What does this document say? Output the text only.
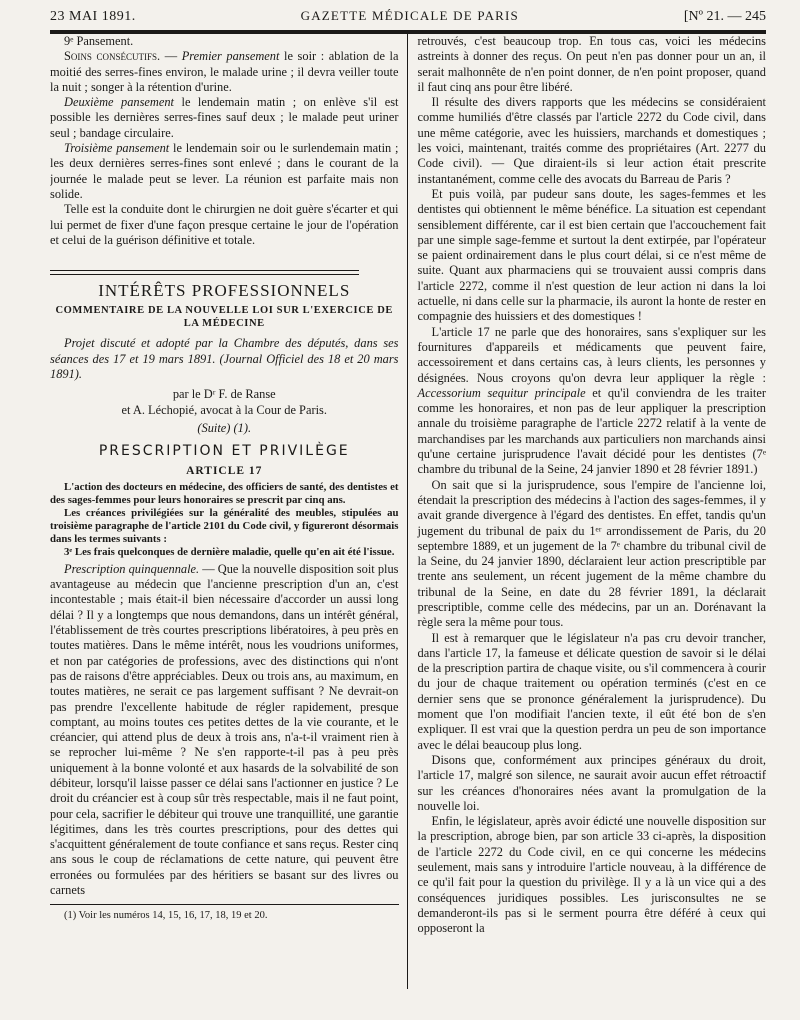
23 MAI 1891.	GAZETTE MÉDICALE DE PARIS	[Nº 21. — 245

9ᵉ Pansement.

Soins consécutifs. — Premier pansement le soir : ablation de la moitié des serres-fines environ, le malade urine ; il devra veiller toute la nuit ; songer à la rétention d'urine.

Deuxième pansement le lendemain matin ; on enlève s'il est possible les dernières serres-fines sauf deux ; le malade peut uriner seul ; bandage circulaire.

Troisième pansement le lendemain soir ou le surlendemain matin ; les deux dernières serres-fines sont enlevé ; dans le courant de la journée le malade peut se lever. La réunion est parfaite mais non solide.

Telle est la conduite dont le chirurgien ne doit guère s'écarter et qui lui permet de fixer d'une façon presque certaine le jour de l'opération et celui de la guérison définitive et totale.

INTÉRÊTS PROFESSIONNELS
COMMENTAIRE DE LA NOUVELLE LOI SUR L'EXERCICE DE LA MÉDECINE

Projet discuté et adopté par la Chambre des députés, dans ses séances des 17 et 19 mars 1891. (Journal Officiel des 18 et 20 mars 1891).

par le Dʳ F. de Ranse

et A. Léchopié, avocat à la Cour de Paris.

(Suite) (1).

PRESCRIPTION ET PRIVILÈGE
ARTICLE 17

L'action des docteurs en médecine, des officiers de santé, des dentistes et des sages-femmes pour leurs honoraires se prescrit par cinq ans.

Les créances privilégiées sur la généralité des meubles, stipulées au troisième paragraphe de l'article 2101 du Code civil, y figureront désormais dans les termes suivants :

3ᵉ Les frais quelconques de dernière maladie, quelle qu'en ait été l'issue.

Prescription quinquennale. — Que la nouvelle disposition soit plus avantageuse au médecin que l'ancienne prescription d'un an, c'est incontestable ; mais était-il bien nécessaire d'accorder un aussi long délai ? Il y a longtemps que nous demandons, dans un intérêt général, l'établissement de très courtes prescriptions libératoires, à peu près en toutes matières. Dans le même intérêt, nous les voudrions uniformes, et non par catégories de professions, avec des distinctions qui n'ont pas de raisons d'être appréciables. Deux ou trois ans, au maximum, en toutes matières, ne serait ce pas largement suffisant ? Ne devrait-on pas prendre l'excellente habitude de régler rapidement, presque comptant, au moins toutes ces petites dettes de la vie courante, et le créancier, qui attend plus de deux à trois ans, n'a-t-il vraiment rien à se reprocher lui-même ? Ne s'en rapporte-t-il pas à peu près uniquement à la bonne volonté et aux hasards de la solvabilité de son débiteur, lorsqu'il laisse passer ce délai sans l'actionner en justice ? Le droit du créancier est à coup sûr très respectable, mais il ne faut point, pour cela, sacrifier le débiteur qui trouve une tranquillité, une garantie légitimes, dans les très courtes prescriptions, pour des dettes qui s'acquittent généralement de toute confiance et sans reçus. Rester cinq ans sous le coup de réclamations de cette nature, qui peuvent être erronées ou formulées par des héritiers se basant sur des livres ou carnets

(1) Voir les numéros 14, 15, 16, 17, 18, 19 et 20.

retrouvés, c'est beaucoup trop. En tous cas, voici les médecins astreints à donner des reçus. On peut n'en pas donner pour un an, il serait malhonnête de n'en point donner, de n'en point proposer, quand il faut cinq ans pour être libéré.

Il résulte des divers rapports que les médecins se considéraient comme humiliés d'être classés par l'article 2272 du Code civil, dans une même catégorie, avec les huissiers, marchands et domestiques ; les voici, maintenant, traités comme des propriétaires (Art. 2277 du Code civil). — Que diraient-ils si leur action était prescrite instantanément, comme celle des avocats du Barreau de Paris ?

Et puis voilà, par pudeur sans doute, les sages-femmes et les dentistes qui obtiennent le même bénéfice. La situation est cependant sensiblement différente, car il est bien certain que l'accouchement fait par une simple sage-femme et surtout la dent extirpée, par l'opérateur se paient ordinairement dans le plus court délai, si ce n'est même de suite. Quant aux pharmaciens qui se trouvaient aussi compris dans l'article 2272, comme il n'est question de leur action ni dans la loi actuelle, ni dans celle sur la pharmacie, ils auront la honte de rester en compagnie des huissiers et des domestiques !

L'article 17 ne parle que des honoraires, sans s'expliquer sur les fournitures d'appareils et médicaments que peuvent faire, accessoirement et dans certains cas, à leurs clients, les personnes y désignées. Nous croyons qu'on devra leur appliquer la règle : Accessorium sequitur principale et qu'il conviendra de les traiter comme les honoraires, et non pas de leur appliquer la prescription annale du troisième paragraphe de l'article 2272 relatif à la vente de marchandises par les marchands aux particuliers non marchands ainsi qu'une certaine jurisprudence l'avait décidé pour les dentistes (7ᵉ chambre du tribunal de la Seine, 24 janvier 1890 et 28 février 1891.)

On sait que si la jurisprudence, sous l'empire de l'ancienne loi, étendait la prescription des médecins à l'action des sages-femmes, il y avait grande divergence à l'égard des dentistes. En effet, tandis qu'un jugement du tribunal de paix du 1ᵉʳ arrondissement de Paris, du 20 septembre 1889, et un jugement de la 7ᵉ chambre du tribunal civil de la Seine, du 24 janvier 1890, déclaraient leur action prescriptible par trente ans seulement, un récent jugement de la même chambre du tribunal de la Seine, en date du 28 février 1891, la déclarait prescriptible, comme celle des médecins, par un an. Dorénavant la règle sera la même pour tous.

Il est à remarquer que le législateur n'a pas cru devoir trancher, dans l'article 17, la fameuse et délicate question de savoir si le délai de la prescription partira de chaque visite, ou s'il commencera à courir du jour de chaque traitement ou opération terminés (c'est en ce dernier sens que se prononce généralement la jurisprudence). Du moment que l'on modifiait l'ancien texte, il eût été bon de s'en expliquer. Il est vrai que la question perdra un peu de son importance avec le délai beaucoup plus long.

Disons que, conformément aux principes généraux du droit, l'article 17, malgré son silence, ne saurait avoir aucun effet rétroactif sur les créances d'honoraires nées avant la promulgation de la nouvelle loi.

Enfin, le législateur, après avoir édicté une nouvelle disposition sur la prescription, abroge bien, par son article 33 ci-après, la disposition de l'article 2272 du Code civil, en ce qui concerne les médecins seulement, mais sans y introduire l'article nouveau, à la différence de ce qu'il fait pour la question du privilège. Il y a là un vice qui a des conséquences juridiques possibles. Les jurisconsultes ne se demanderont-ils pas si le serment pourra être déféré à ceux qui opposeront la
